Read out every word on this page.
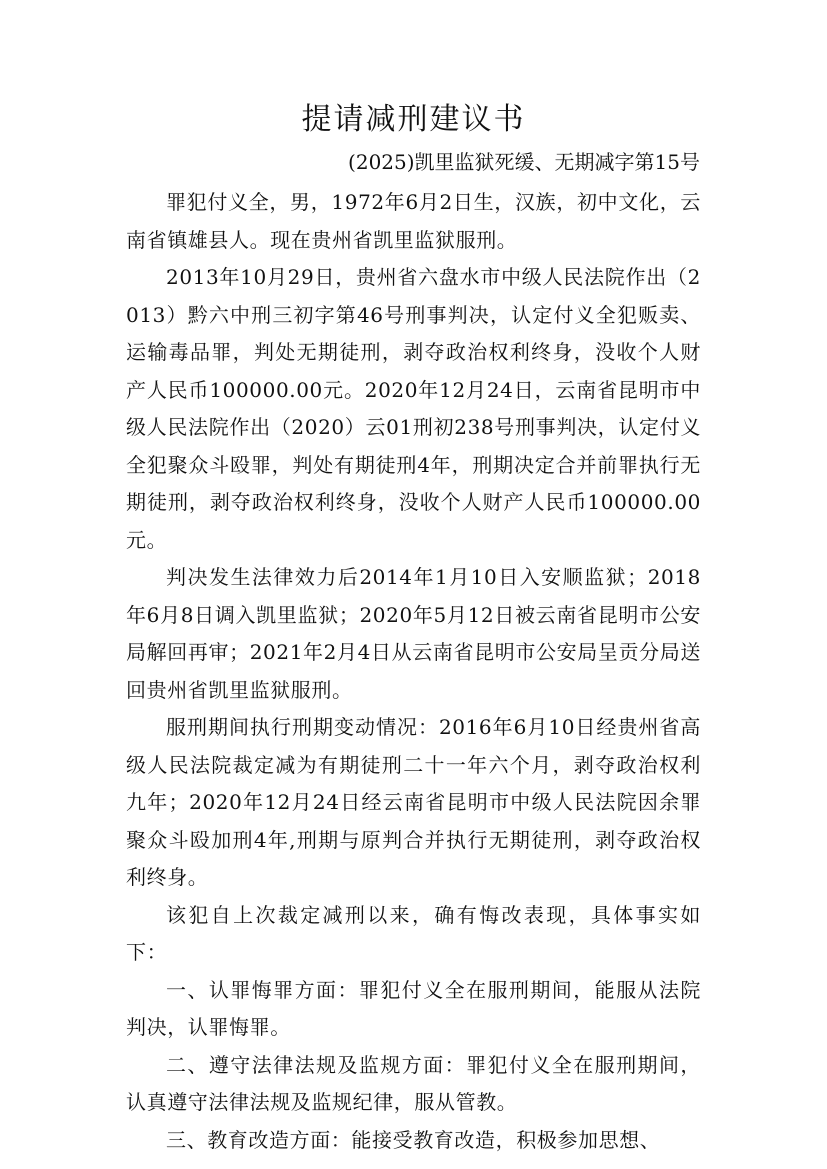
提请减刑建议书

(2025)凯里监狱死缓、无期减字第15号

罪犯付义全，男，1972年6月2日生，汉族，初中文化，云南省镇雄县人。现在贵州省凯里监狱服刑。

2013年10月29日，贵州省六盘水市中级人民法院作出（2013）黔六中刑三初字第46号刑事判决，认定付义全犯贩卖、运输毒品罪，判处无期徒刑，剥夺政治权利终身，没收个人财产人民币100000.00元。2020年12月24日，云南省昆明市中级人民法院作出（2020）云01刑初238号刑事判决，认定付义全犯聚众斗殴罪，判处有期徒刑4年，刑期决定合并前罪执行无期徒刑，剥夺政治权利终身，没收个人财产人民币100000.00元。

判决发生法律效力后2014年1月10日入安顺监狱；2018年6月8日调入凯里监狱；2020年5月12日被云南省昆明市公安局解回再审；2021年2月4日从云南省昆明市公安局呈贡分局送回贵州省凯里监狱服刑。

服刑期间执行刑期变动情况：2016年6月10日经贵州省高级人民法院裁定减为有期徒刑二十一年六个月，剥夺政治权利九年；2020年12月24日经云南省昆明市中级人民法院因余罪聚众斗殴加刑4年,刑期与原判合并执行无期徒刑，剥夺政治权利终身。

该犯自上次裁定减刑以来，确有悔改表现，具体事实如下：

一、认罪悔罪方面：罪犯付义全在服刑期间，能服从法院判决，认罪悔罪。

二、遵守法律法规及监规方面：罪犯付义全在服刑期间，认真遵守法律法规及监规纪律，服从管教。

三、教育改造方面：能接受教育改造，积极参加思想、
